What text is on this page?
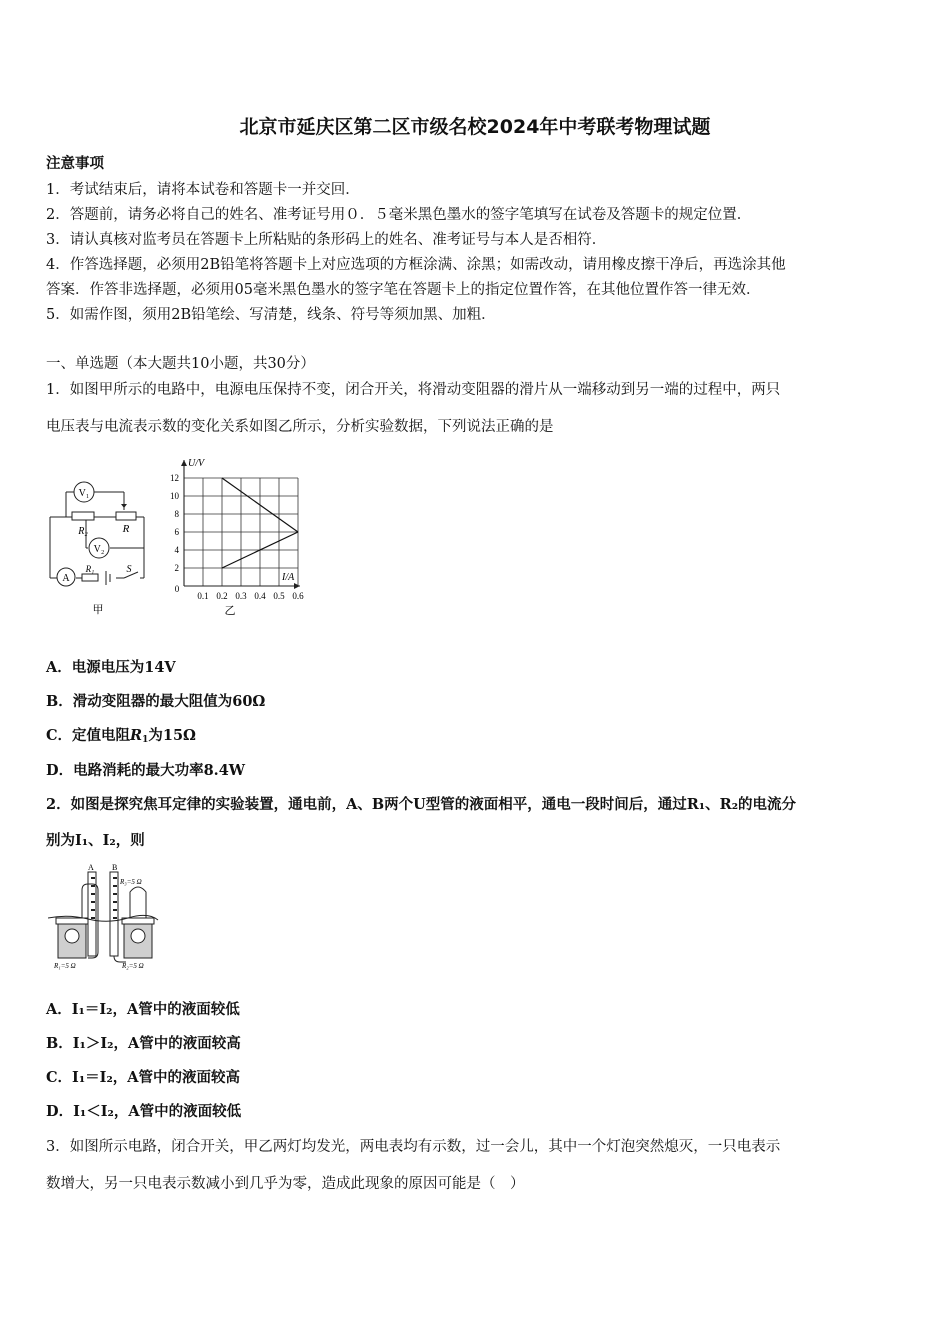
北京市延庆区第二区市级名校2024年中考联考物理试题
注意事项
1．考试结束后，请将本试卷和答题卡一并交回．
2．答题前，请务必将自己的姓名、准考证号用０．５毫米黑色墨水的签字笔填写在试卷及答题卡的规定位置．
3．请认真核对监考员在答题卡上所粘贴的条形码上的姓名、准考证号与本人是否相符．
4．作答选择题，必须用2B铅笔将答题卡上对应选项的方框涂满、涂黑；如需改动，请用橡皮擦干净后，再选涂其他
答案．作答非选择题，必须用05毫米黑色墨水的签字笔在答题卡上的指定位置作答，在其他位置作答一律无效．
5．如需作图，须用2B铅笔绘、写清楚，线条、符号等须加黑、加粗．
一、单选题（本大题共10小题，共30分）
1．如图甲所示的电路中，电源电压保持不变，闭合开关，将滑动变阻器的滑片从一端移动到另一端的过程中，两只
电压表与电流表示数的变化关系如图乙所示，分析实验数据，下列说法正确的是
V₁
V₂
A
R₂	R
R₁	S
甲
0.1 0.2 0.3 0.4 0.5 0.6
2
4
6
8
10
12
U/V
I/A
0
乙
A．电源电压为14V
B．滑动变阻器的最大阻值为60Ω
C．定值电阻$R_1$为15Ω
D．电路消耗的最大功率8.4W
2．如图是探究焦耳定律的实验装置，通电前，A、B两个U型管的液面相平，通电一段时间后，通过R₁、R₂的电流分
别为I₁、I₂，则
A B
R₃=5 Ω
R₁=5 Ω	R₂=5 Ω
A．I₁＝I₂，A管中的液面较低
B．I₁＞I₂，A管中的液面较高
C．I₁＝I₂，A管中的液面较高
D．I₁＜I₂，A管中的液面较低
3．如图所示电路，闭合开关，甲乙两灯均发光，两电表均有示数，过一会儿，其中一个灯泡突然熄灭，一只电表示
数增大，另一只电表示数减小到几乎为零，造成此现象的原因可能是（　）
